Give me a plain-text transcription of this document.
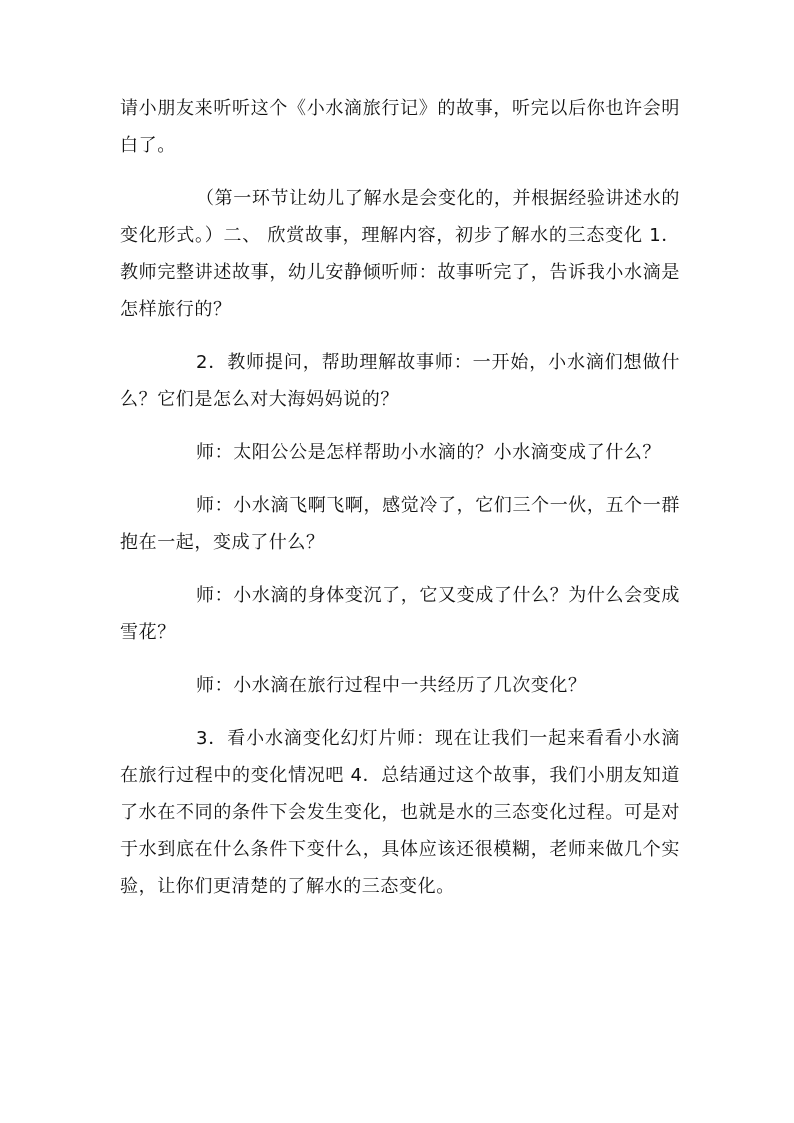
请小朋友来听听这个《小水滴旅行记》的故事，听完以后你也许会明白了。

（第一环节让幼儿了解水是会变化的，并根据经验讲述水的变化形式。）二、 欣赏故事，理解内容，初步了解水的三态变化 1．教师完整讲述故事，幼儿安静倾听师：故事听完了，告诉我小水滴是怎样旅行的？

2．教师提问，帮助理解故事师：一开始，小水滴们想做什么？它们是怎么对大海妈妈说的？

师：太阳公公是怎样帮助小水滴的？小水滴变成了什么？

师：小水滴飞啊飞啊，感觉冷了，它们三个一伙，五个一群抱在一起，变成了什么？

师：小水滴的身体变沉了，它又变成了什么？为什么会变成雪花？

师：小水滴在旅行过程中一共经历了几次变化？

3．看小水滴变化幻灯片师：现在让我们一起来看看小水滴在旅行过程中的变化情况吧 4．总结通过这个故事，我们小朋友知道了水在不同的条件下会发生变化，也就是水的三态变化过程。可是对于水到底在什么条件下变什么，具体应该还很模糊，老师来做几个实验，让你们更清楚的了解水的三态变化。
